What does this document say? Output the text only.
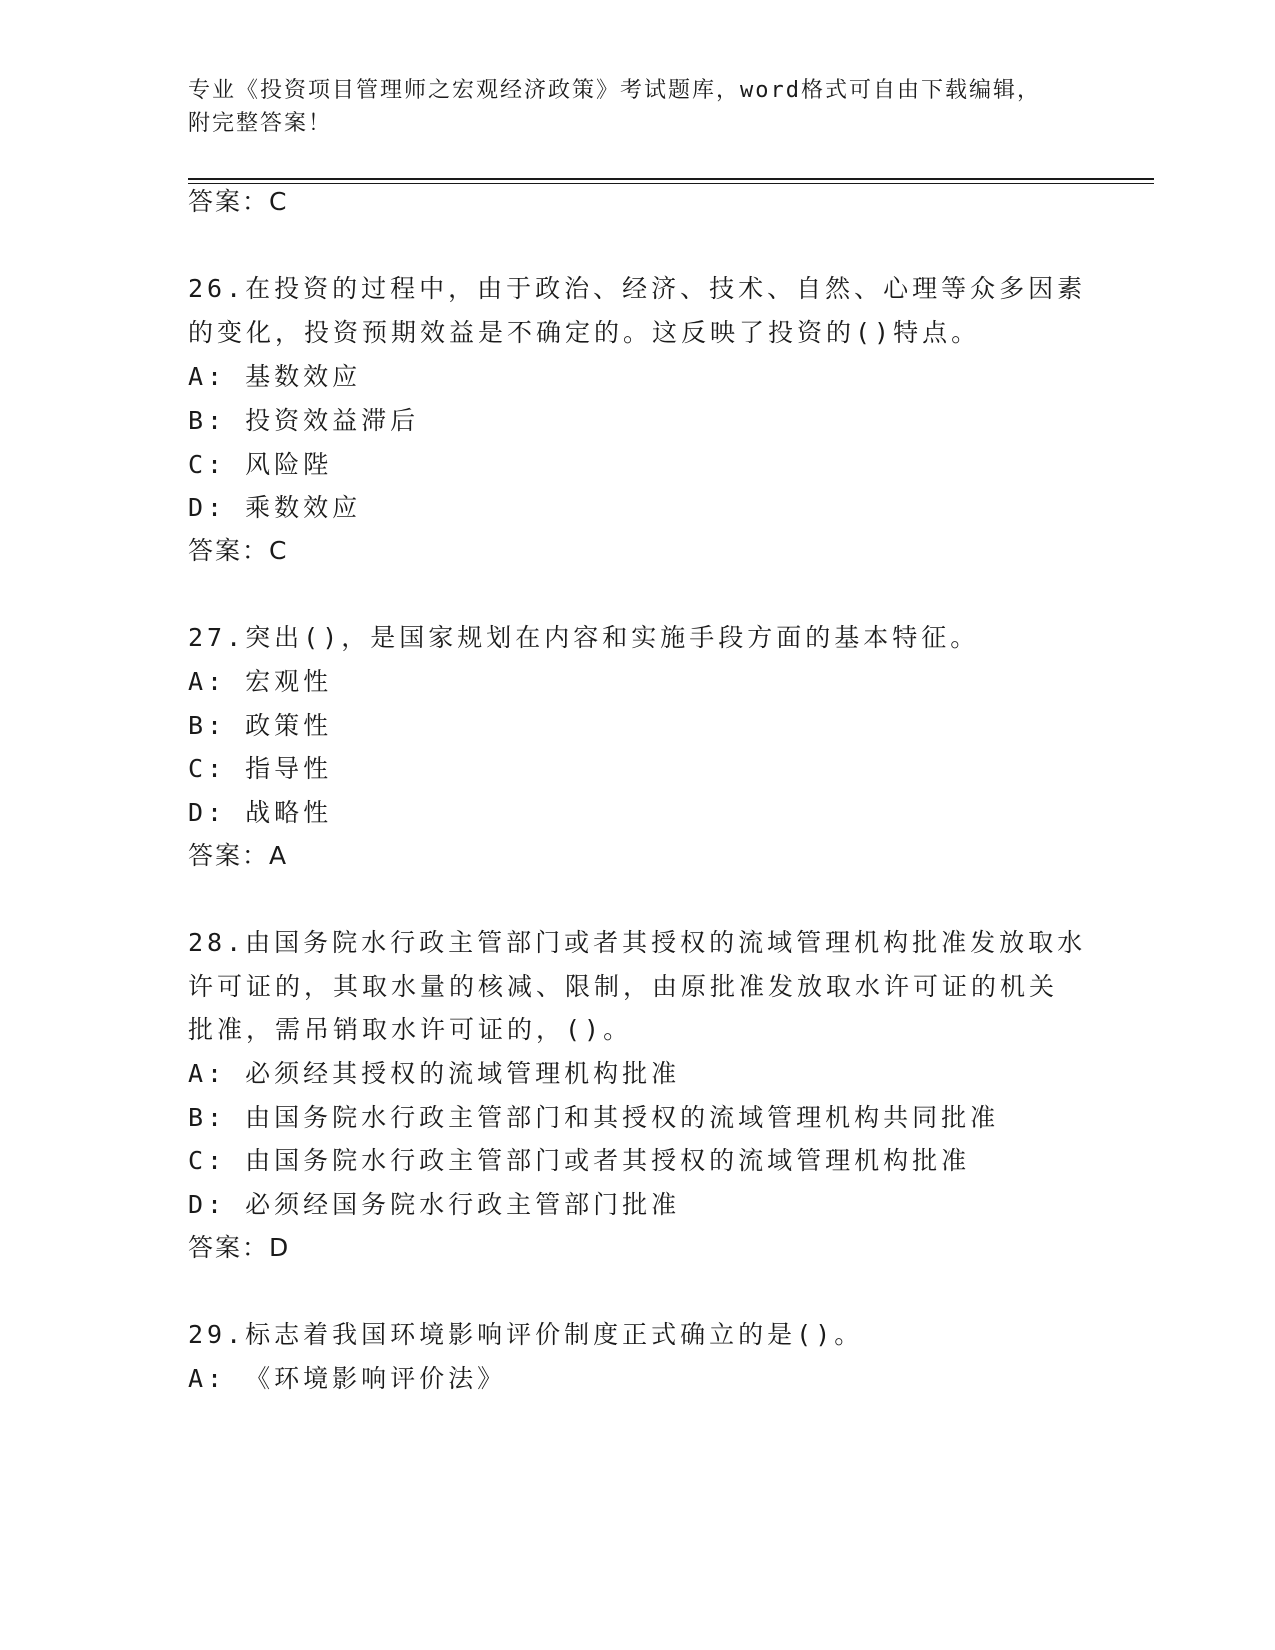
专业《投资项目管理师之宏观经济政策》考试题库，word格式可自由下载编辑，
附完整答案！
答案：C
26.在投资的过程中，由于政治、经济、技术、自然、心理等众多因素
的变化，投资预期效益是不确定的。这反映了投资的()特点。
A: 基数效应
B: 投资效益滞后
C: 风险陛
D: 乘数效应
答案：C
27.突出()，是国家规划在内容和实施手段方面的基本特征。
A: 宏观性
B: 政策性
C: 指导性
D: 战略性
答案：A
28.由国务院水行政主管部门或者其授权的流域管理机构批准发放取水
许可证的，其取水量的核减、限制，由原批准发放取水许可证的机关
批准，需吊销取水许可证的，()。
A: 必须经其授权的流域管理机构批准
B: 由国务院水行政主管部门和其授权的流域管理机构共同批准
C: 由国务院水行政主管部门或者其授权的流域管理机构批准
D: 必须经国务院水行政主管部门批准
答案：D
29.标志着我国环境影响评价制度正式确立的是()。
A: 《环境影响评价法》
